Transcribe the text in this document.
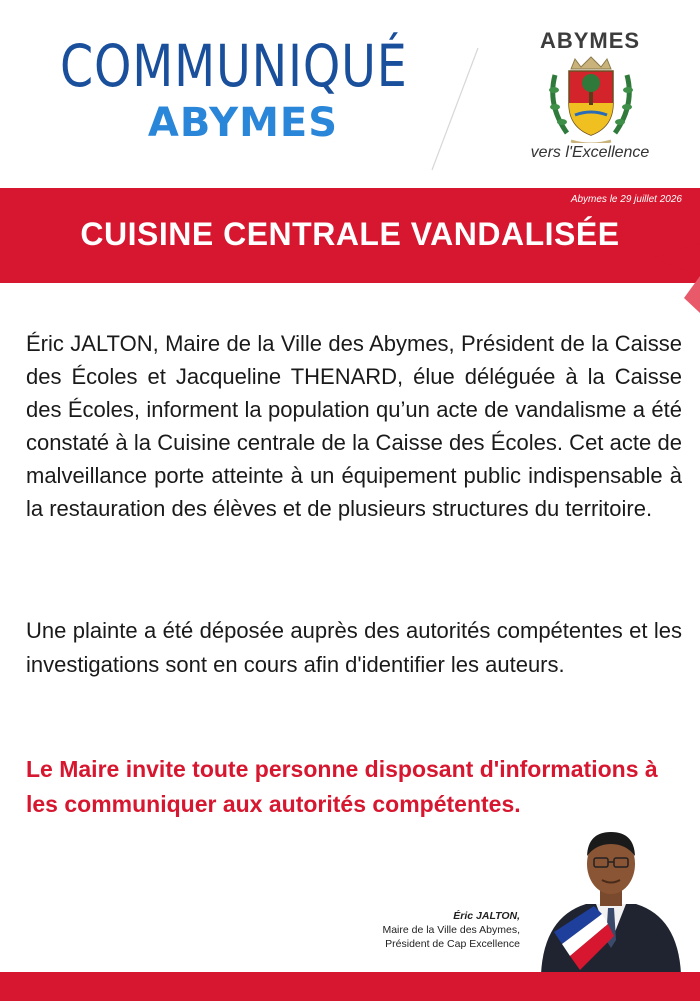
COMMUNIQUÉ
ABYMES
ABYMES
vers l'Excellence
Abymes le 29 juillet 2026
CUISINE CENTRALE VANDALISÉE

Éric JALTON, Maire de la Ville des Abymes, Président de la Caisse des Écoles et Jacqueline THENARD, élue déléguée à la Caisse des Écoles, informent la population qu’un acte de vandalisme a été constaté à la Cuisine centrale de la Caisse des Écoles. Cet acte de malveillance porte atteinte à un équipement public indispensable à la restauration des élèves et de plusieurs structures du territoire.

Une plainte a été déposée auprès des autorités compétentes et les investigations sont en cours afin d'identifier les auteurs.

Le Maire invite toute personne disposant d'informations à les communiquer aux autorités compétentes.

Éric JALTON,
Maire de la Ville des Abymes,
Président de Cap Excellence
